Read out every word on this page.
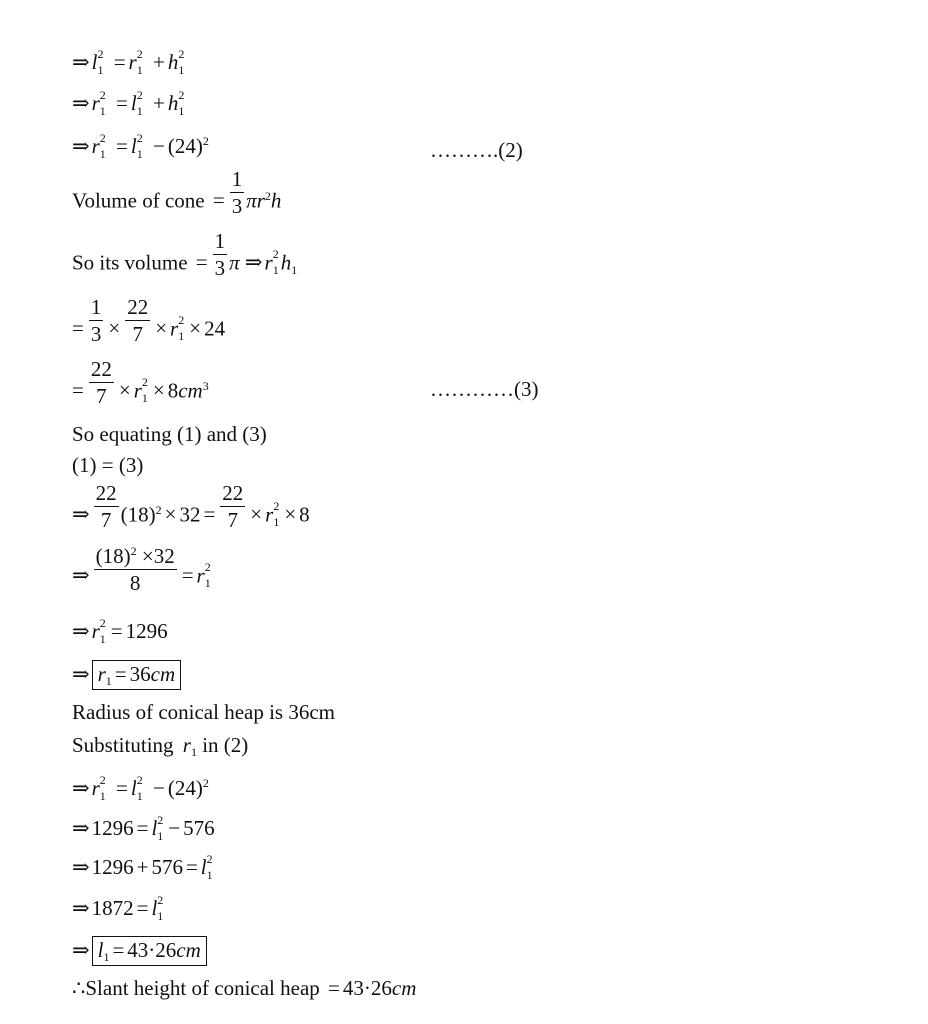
⇒l 2
1 = r 2
1 + h 2
1
⇒r 2
1 = l 2
1 + h 2
1
⇒r 2
1 = l 2
$1 - (24)^2$	……….(2)
Volume of cone = $\frac{1}{3} \pi r^2h$
So its volume = $\frac{1}{3}$ π ⇒r 2
1 $h_1$
= $\frac{1}{3} \times \frac{22}{7} \times r$ 2
1 × 24
= $\frac{22}{7} \times r$ 2
$1 \times 8cm^3$	…………(3)
So equating (1) and (3)
(1) = (3)
⇒ $\frac{22}{7} (18)^2 \times 32 = \frac{22}{7} \times r$ 2
1 × 8
⇒ $\frac{(18)^2 \times 32}{8} = r$ 2
1
⇒r 2
1 = 1296
⇒ $r_1 = 36cm$
Radius of conical heap is 36cm
Substituting $r_1$ in (2)
⇒r 2
1 = l 2
$1 - (24)^2$
⇒1296 = l 2
1 − 576
⇒1296 + 576 = l 2
1
⇒1872 = l 2
1
⇒ $l_1 = 43\cdot 26cm$
∴Slant height of conical heap = 43·26cm
